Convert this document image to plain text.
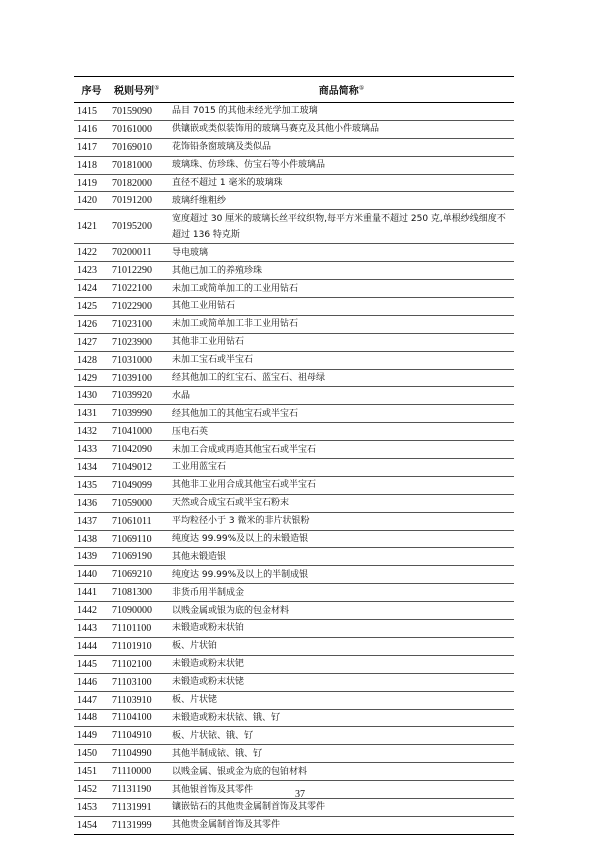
序号	税则号列⑤	商品简称⑤
1415	70159090	品目 7015 的其他未经光学加工玻璃
1416	70161000	供镶嵌或类似装饰用的玻璃马赛克及其他小件玻璃品
1417	70169010	花饰铅条窗玻璃及类似品
1418	70181000	玻璃珠、仿珍珠、仿宝石等小件玻璃品
1419	70182000	直径不超过 1 毫米的玻璃珠
1420	70191200	玻璃纤维粗纱
1421	70195200	宽度超过 30 厘米的玻璃长丝平纹织物,每平方米重量不超过 250 克,单根纱线细度不超过 136 特克斯
1422	70200011	导电玻璃
1423	71012290	其他已加工的养殖珍珠
1424	71022100	未加工或简单加工的工业用钻石
1425	71022900	其他工业用钻石
1426	71023100	未加工或简单加工非工业用钻石
1427	71023900	其他非工业用钻石
1428	71031000	未加工宝石或半宝石
1429	71039100	经其他加工的红宝石、蓝宝石、祖母绿
1430	71039920	水晶
1431	71039990	经其他加工的其他宝石或半宝石
1432	71041000	压电石英
1433	71042090	未加工合成或再造其他宝石或半宝石
1434	71049012	工业用蓝宝石
1435	71049099	其他非工业用合成其他宝石或半宝石
1436	71059000	天然或合成宝石或半宝石粉末
1437	71061011	平均粒径小于 3 微米的非片状银粉
1438	71069110	纯度达 99.99%及以上的未锻造银
1439	71069190	其他未锻造银
1440	71069210	纯度达 99.99%及以上的半制成银
1441	71081300	非货币用半制成金
1442	71090000	以贱金属或银为底的包金材料
1443	71101100	未锻造或粉末状铂
1444	71101910	板、片状铂
1445	71102100	未锻造或粉末状钯
1446	71103100	未锻造或粉末状铑
1447	71103910	板、片状铑
1448	71104100	未锻造或粉末状铱、锇、钌
1449	71104910	板、片状铱、锇、钌
1450	71104990	其他半制成铱、锇、钌
1451	71110000	以贱金属、银或金为底的包铂材料
1452	71131190	其他银首饰及其零件
1453	71131991	镶嵌钻石的其他贵金属制首饰及其零件
1454	71131999	其他贵金属制首饰及其零件
37
